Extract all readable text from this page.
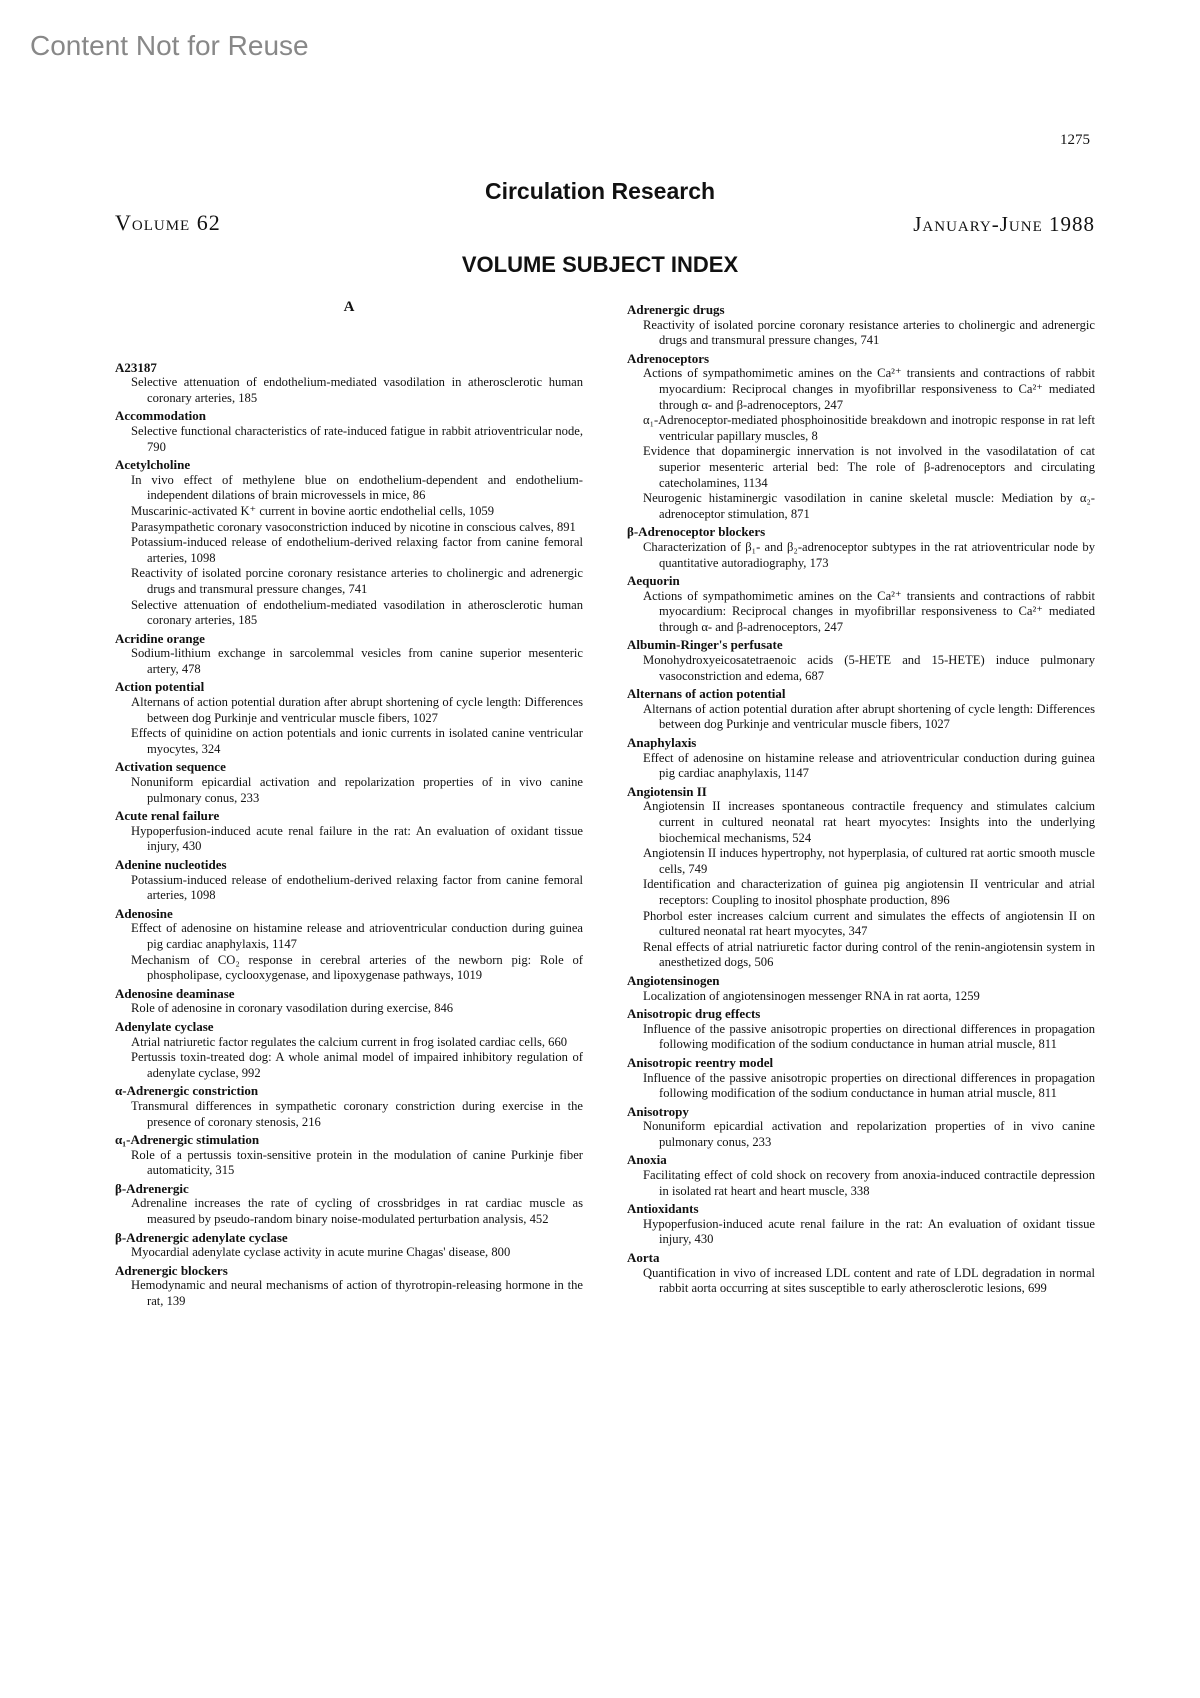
Content Not for Reuse
1275
Circulation Research
Volume 62	January-June 1988
VOLUME SUBJECT INDEX
A
A23187
Selective attenuation of endothelium-mediated vasodilation in atherosclerotic human coronary arteries, 185
Accommodation
Selective functional characteristics of rate-induced fatigue in rabbit atrioventricular node, 790
Acetylcholine
In vivo effect of methylene blue on endothelium-dependent and endothelium-independent dilations of brain microvessels in mice, 86
Muscarinic-activated K⁺ current in bovine aortic endothelial cells, 1059
Parasympathetic coronary vasoconstriction induced by nicotine in conscious calves, 891
Potassium-induced release of endothelium-derived relaxing factor from canine femoral arteries, 1098
Reactivity of isolated porcine coronary resistance arteries to cholinergic and adrenergic drugs and transmural pressure changes, 741
Selective attenuation of endothelium-mediated vasodilation in atherosclerotic human coronary arteries, 185
Acridine orange
Sodium-lithium exchange in sarcolemmal vesicles from canine superior mesenteric artery, 478
Action potential
Alternans of action potential duration after abrupt shortening of cycle length: Differences between dog Purkinje and ventricular muscle fibers, 1027
Effects of quinidine on action potentials and ionic currents in isolated canine ventricular myocytes, 324
Activation sequence
Nonuniform epicardial activation and repolarization properties of in vivo canine pulmonary conus, 233
Acute renal failure
Hypoperfusion-induced acute renal failure in the rat: An evaluation of oxidant tissue injury, 430
Adenine nucleotides
Potassium-induced release of endothelium-derived relaxing factor from canine femoral arteries, 1098
Adenosine
Effect of adenosine on histamine release and atrioventricular conduction during guinea pig cardiac anaphylaxis, 1147
Mechanism of CO₂ response in cerebral arteries of the newborn pig: Role of phospholipase, cyclooxygenase, and lipoxygenase pathways, 1019
Adenosine deaminase
Role of adenosine in coronary vasodilation during exercise, 846
Adenylate cyclase
Atrial natriuretic factor regulates the calcium current in frog isolated cardiac cells, 660
Pertussis toxin-treated dog: A whole animal model of impaired inhibitory regulation of adenylate cyclase, 992
α-Adrenergic constriction
Transmural differences in sympathetic coronary constriction during exercise in the presence of coronary stenosis, 216
α₁-Adrenergic stimulation
Role of a pertussis toxin-sensitive protein in the modulation of canine Purkinje fiber automaticity, 315
β-Adrenergic
Adrenaline increases the rate of cycling of crossbridges in rat cardiac muscle as measured by pseudo-random binary noise-modulated perturbation analysis, 452
β-Adrenergic adenylate cyclase
Myocardial adenylate cyclase activity in acute murine Chagas' disease, 800
Adrenergic blockers
Hemodynamic and neural mechanisms of action of thyrotropin-releasing hormone in the rat, 139
Adrenergic drugs
Reactivity of isolated porcine coronary resistance arteries to cholinergic and adrenergic drugs and transmural pressure changes, 741
Adrenoceptors
Actions of sympathomimetic amines on the Ca²⁺ transients and contractions of rabbit myocardium: Reciprocal changes in myofibrillar responsiveness to Ca²⁺ mediated through α- and β-adrenoceptors, 247
α₁-Adrenoceptor-mediated phosphoinositide breakdown and inotropic response in rat left ventricular papillary muscles, 8
Evidence that dopaminergic innervation is not involved in the vasodilatation of cat superior mesenteric arterial bed: The role of β-adrenoceptors and circulating catecholamines, 1134
Neurogenic histaminergic vasodilation in canine skeletal muscle: Mediation by α₂-adrenoceptor stimulation, 871
β-Adrenoceptor blockers
Characterization of β₁- and β₂-adrenoceptor subtypes in the rat atrioventricular node by quantitative autoradiography, 173
Aequorin
Actions of sympathomimetic amines on the Ca²⁺ transients and contractions of rabbit myocardium: Reciprocal changes in myofibrillar responsiveness to Ca²⁺ mediated through α- and β-adrenoceptors, 247
Albumin-Ringer's perfusate
Monohydroxyeicosatetraenoic acids (5-HETE and 15-HETE) induce pulmonary vasoconstriction and edema, 687
Alternans of action potential
Alternans of action potential duration after abrupt shortening of cycle length: Differences between dog Purkinje and ventricular muscle fibers, 1027
Anaphylaxis
Effect of adenosine on histamine release and atrioventricular conduction during guinea pig cardiac anaphylaxis, 1147
Angiotensin II
Angiotensin II increases spontaneous contractile frequency and stimulates calcium current in cultured neonatal rat heart myocytes: Insights into the underlying biochemical mechanisms, 524
Angiotensin II induces hypertrophy, not hyperplasia, of cultured rat aortic smooth muscle cells, 749
Identification and characterization of guinea pig angiotensin II ventricular and atrial receptors: Coupling to inositol phosphate production, 896
Phorbol ester increases calcium current and simulates the effects of angiotensin II on cultured neonatal rat heart myocytes, 347
Renal effects of atrial natriuretic factor during control of the renin-angiotensin system in anesthetized dogs, 506
Angiotensinogen
Localization of angiotensinogen messenger RNA in rat aorta, 1259
Anisotropic drug effects
Influence of the passive anisotropic properties on directional differences in propagation following modification of the sodium conductance in human atrial muscle, 811
Anisotropic reentry model
Influence of the passive anisotropic properties on directional differences in propagation following modification of the sodium conductance in human atrial muscle, 811
Anisotropy
Nonuniform epicardial activation and repolarization properties of in vivo canine pulmonary conus, 233
Anoxia
Facilitating effect of cold shock on recovery from anoxia-induced contractile depression in isolated rat heart and heart muscle, 338
Antioxidants
Hypoperfusion-induced acute renal failure in the rat: An evaluation of oxidant tissue injury, 430
Aorta
Quantification in vivo of increased LDL content and rate of LDL degradation in normal rabbit aorta occurring at sites susceptible to early atherosclerotic lesions, 699
